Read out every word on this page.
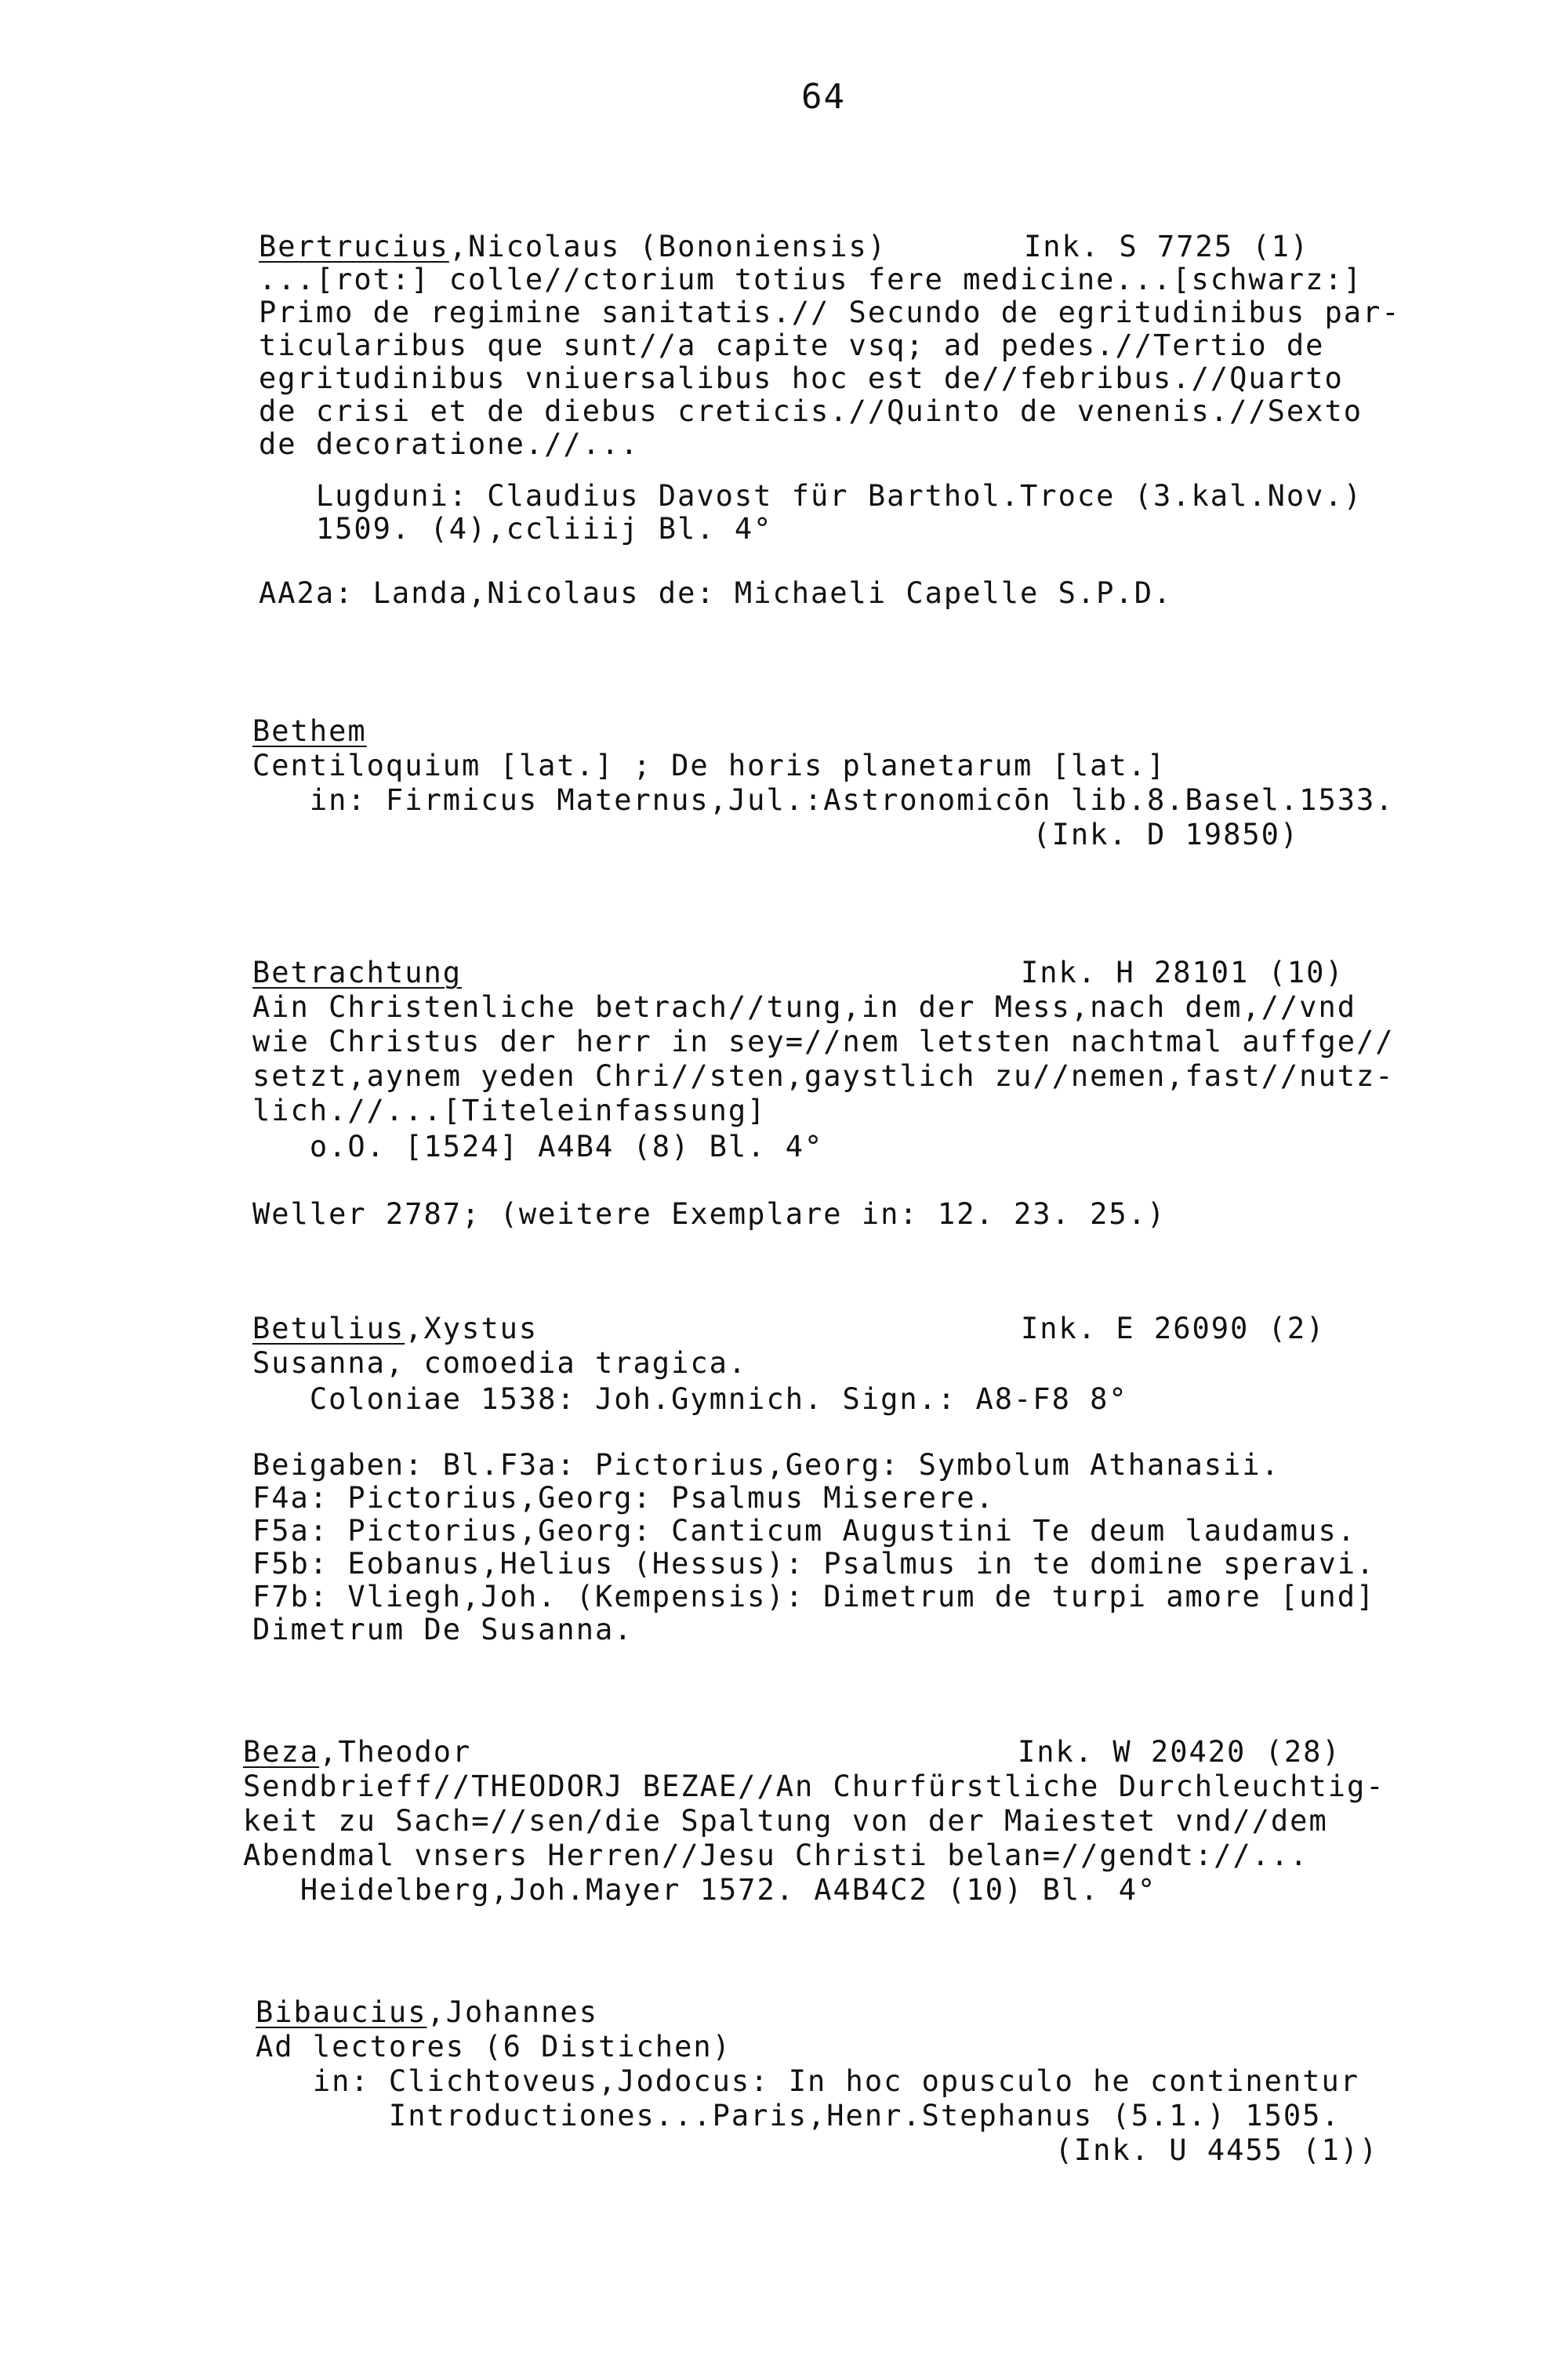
64
Bertrucius,Nicolaus (Bononiensis)	Ink. S 7725 (1)
...[rot:] colle//ctorium totius fere medicine...[schwarz:]
Primo de regimine sanitatis.// Secundo de egritudinibus par-
ticularibus que sunt//a capite vsq; ad pedes.//Tertio de
egritudinibus vniuersalibus hoc est de//febribus.//Quarto
de crisi et de diebus creticis.//Quinto de venenis.//Sexto
de decoratione.//...
Lugduni: Claudius Davost für Barthol.Troce (3.kal.Nov.)
1509. (4),ccliiij Bl. 4°
AA2a: Landa,Nicolaus de: Michaeli Capelle S.P.D.
Bethem
Centiloquium [lat.] ; De horis planetarum [lat.]
in: Firmicus Maternus,Jul.:Astronomicōn lib.8.Basel.1533.
(Ink. D 19850)
Betrachtung	Ink. H 28101 (10)
Ain Christenliche betrach//tung,in der Mess,nach dem,//vnd
wie Christus der herr in sey=//nem letsten nachtmal auffge//
setzt,aynem yeden Chri//sten,gaystlich zu//nemen,fast//nutz-
lich.//...[Titeleinfassung]
o.O. [1524] A4B4 (8) Bl. 4°
Weller 2787; (weitere Exemplare in: 12. 23. 25.)
Betulius,Xystus	Ink. E 26090 (2)
Susanna, comoedia tragica.
Coloniae 1538: Joh.Gymnich. Sign.: A8-F8 8°
Beigaben: Bl.F3a: Pictorius,Georg: Symbolum Athanasii.
F4a: Pictorius,Georg: Psalmus Miserere.
F5a: Pictorius,Georg: Canticum Augustini Te deum laudamus.
F5b: Eobanus,Helius (Hessus): Psalmus in te domine speravi.
F7b: Vliegh,Joh. (Kempensis): Dimetrum de turpi amore [und]
Dimetrum De Susanna.
Beza,Theodor	Ink. W 20420 (28)
Sendbrieff//THEODORJ BEZAE//An Churfürstliche Durchleuchtig-
keit zu Sach=//sen/die Spaltung von der Maiestet vnd//dem
Abendmal vnsers Herren//Jesu Christi belan=//gendt://...
Heidelberg,Joh.Mayer 1572. A4B4C2 (10) Bl. 4°
Bibaucius,Johannes
Ad lectores (6 Distichen)
in: Clichtoveus,Jodocus: In hoc opusculo he continentur
Introductiones...Paris,Henr.Stephanus (5.1.) 1505.
(Ink. U 4455 (1))
